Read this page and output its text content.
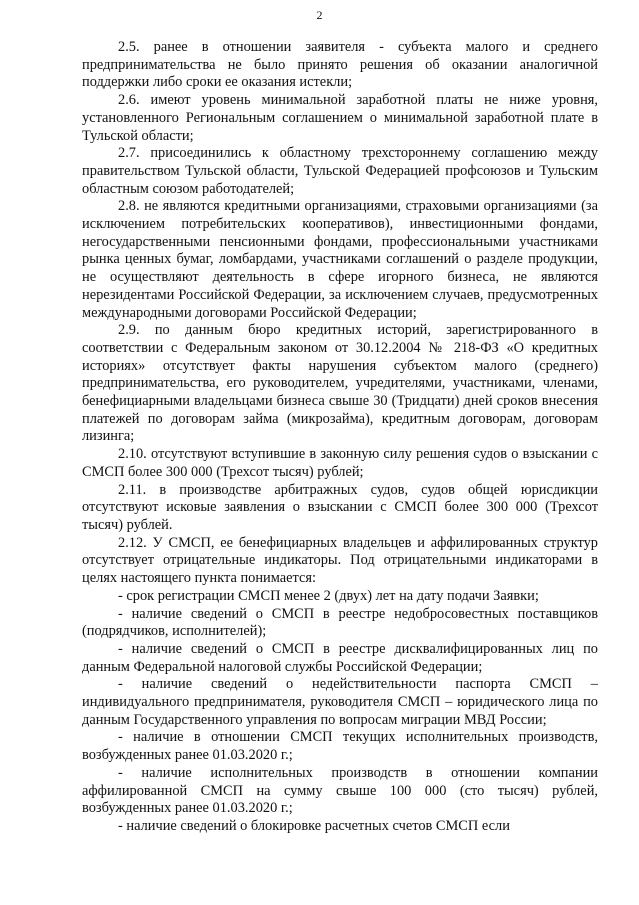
2

2.5. ранее в отношении заявителя - субъекта малого и среднего предпринимательства не было принято решения об оказании аналогичной поддержки либо сроки ее оказания истекли;

2.6. имеют уровень минимальной заработной платы не ниже уровня, установленного Региональным соглашением о минимальной заработной плате в Тульской области;

2.7. присоединились к областному трехстороннему соглашению между правительством Тульской области, Тульской Федерацией профсоюзов и Тульским областным союзом работодателей;

2.8. не являются кредитными организациями, страховыми организациями (за исключением потребительских кооперативов), инвестиционными фондами, негосударственными пенсионными фондами, профессиональными участниками рынка ценных бумаг, ломбардами, участниками соглашений о разделе продукции, не осуществляют деятельность в сфере игорного бизнеса, не являются нерезидентами Российской Федерации, за исключением случаев, предусмотренных международными договорами Российской Федерации;

2.9. по данным бюро кредитных историй, зарегистрированного в соответствии с Федеральным законом от 30.12.2004 № 218-ФЗ «О кредитных историях» отсутствует факты нарушения субъектом малого (среднего) предпринимательства, его руководителем, учредителями, участниками, членами, бенефициарными владельцами бизнеса свыше 30 (Тридцати) дней сроков внесения платежей по договорам займа (микрозайма), кредитным договорам, договорам лизинга;

2.10. отсутствуют вступившие в законную силу решения судов о взыскании с СМСП более 300 000 (Трехсот тысяч) рублей;

2.11. в производстве арбитражных судов, судов общей юрисдикции отсутствуют исковые заявления о взыскании с СМСП более 300 000 (Трехсот тысяч) рублей.

2.12. У СМСП, ее бенефициарных владельцев и аффилированных структур отсутствует отрицательные индикаторы. Под отрицательными индикаторами в целях настоящего пункта понимается:

- срок регистрации СМСП менее 2 (двух) лет на дату подачи Заявки;

- наличие сведений о СМСП в реестре недобросовестных поставщиков (подрядчиков, исполнителей);

- наличие сведений о СМСП в реестре дисквалифицированных лиц по данным Федеральной налоговой службы Российской Федерации;

- наличие сведений о недействительности паспорта СМСП – индивидуального предпринимателя, руководителя СМСП – юридического лица по данным Государственного управления по вопросам миграции МВД России;

- наличие в отношении СМСП текущих исполнительных производств, возбужденных ранее 01.03.2020 г.;

- наличие исполнительных производств в отношении компании аффилированной СМСП на сумму свыше 100 000 (сто тысяч) рублей, возбужденных ранее 01.03.2020 г.;

- наличие сведений о блокировке расчетных счетов СМСП если
